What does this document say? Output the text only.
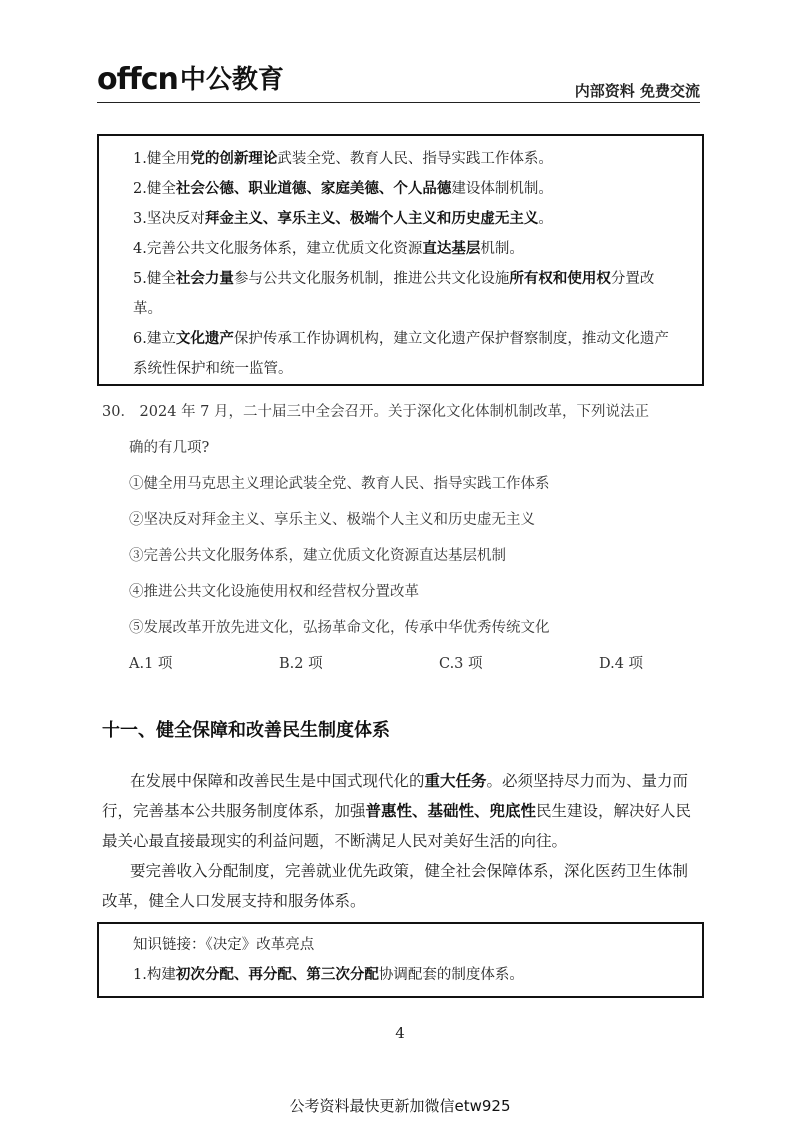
offcn 中公教育	内部资料 免费交流

1.健全用党的创新理论武装全党、教育人民、指导实践工作体系。

2.健全社会公德、职业道德、家庭美德、个人品德建设体制机制。

3.坚决反对拜金主义、享乐主义、极端个人主义和历史虚无主义。

4.完善公共文化服务体系，建立优质文化资源直达基层机制。

5.健全社会力量参与公共文化服务机制，推进公共文化设施所有权和使用权分置改革。

6.建立文化遗产保护传承工作协调机构，建立文化遗产保护督察制度，推动文化遗产系统性保护和统一监管。

30． 2024 年 7 月，二十届三中全会召开。关于深化文化体制机制改革，下列说法正

确的有几项?

①健全用马克思主义理论武装全党、教育人民、指导实践工作体系

②坚决反对拜金主义、享乐主义、极端个人主义和历史虚无主义

③完善公共文化服务体系，建立优质文化资源直达基层机制

④推进公共文化设施使用权和经营权分置改革

⑤发展改革开放先进文化，弘扬革命文化，传承中华优秀传统文化

A.1 项	B.2 项	C.3 项	D.4 项
十一、健全保障和改善民生制度体系

在发展中保障和改善民生是中国式现代化的重大任务。必须坚持尽力而为、量力而行，完善基本公共服务制度体系，加强普惠性、基础性、兜底性民生建设，解决好人民最关心最直接最现实的利益问题，不断满足人民对美好生活的向往。

要完善收入分配制度，完善就业优先政策，健全社会保障体系，深化医药卫生体制改革，健全人口发展支持和服务体系。

知识链接：《决定》改革亮点

1.构建初次分配、再分配、第三次分配协调配套的制度体系。

4
公考资料最快更新加微信etw925
